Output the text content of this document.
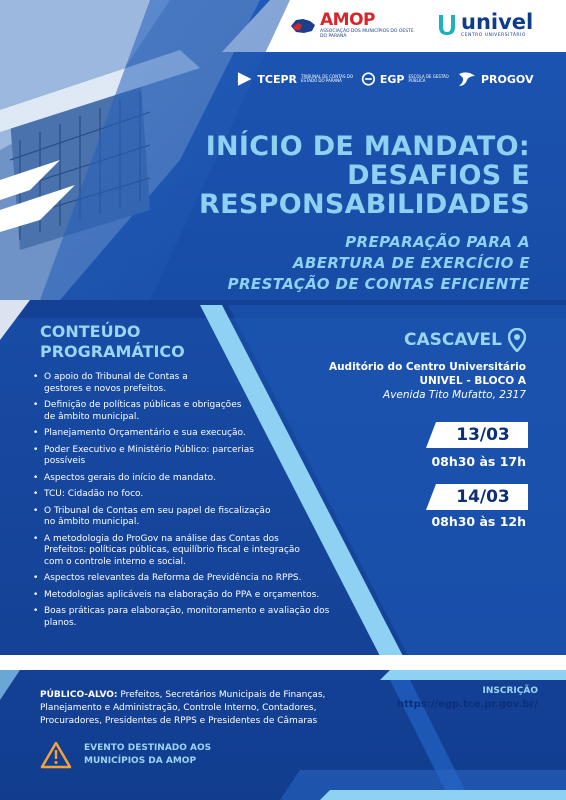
AMOP
ASSOCIAÇÃO DOS MUNICÍPIOS DO OESTE DO PARANÁ
univel
CENTRO UNIVERSITÁRIO
TCEPR TRIBUNAL DE CONTAS DO ESTADO DO PARANÁ	EGP ESCOLA DE GESTÃO PÚBLICA	PROGOV
INÍCIO DE MANDATO:
DESAFIOS E
RESPONSABILIDADES
PREPARAÇÃO PARA A
ABERTURA DE EXERCÍCIO E
PRESTAÇÃO DE CONTAS EFICIENTE
CONTEÚDO
PROGRAMÁTICO
• O apoio do Tribunal de Contas a
gestores e novos prefeitos.
• Definição de políticas públicas e obrigações
de âmbito municipal.
• Planejamento Orçamentário e sua execução.
• Poder Executivo e Ministério Público: parcerias
possíveis
• Aspectos gerais do início de mandato.
• TCU: Cidadão no foco.
• O Tribunal de Contas em seu papel de fiscalização
no âmbito municipal.
• A metodologia do ProGov na análise das Contas dos
Prefeitos: políticas públicas, equilíbrio fiscal e integração
com o controle interno e social.
• Aspectos relevantes da Reforma de Previdência no RPPS.
• Metodologias aplicáveis na elaboração do PPA e orçamentos.
• Boas práticas para elaboração, monitoramento e avaliação dos planos.
CASCAVEL
Auditório do Centro Universitário
UNIVEL - BLOCO A
Avenida Tito Mufatto, 2317
13/03
08h30 às 17h
14/03
08h30 às 12h
PÚBLICO-ALVO: Prefeitos, Secretários Municipais de Finanças,
Planejamento e Administração, Controle Interno, Contadores,
Procuradores, Presidentes de RPPS e Presidentes de Câmaras
INSCRIÇÃO
https://egp.tce.pr.gov.br/
EVENTO DESTINADO AOS
MUNICÍPIOS DA AMOP
